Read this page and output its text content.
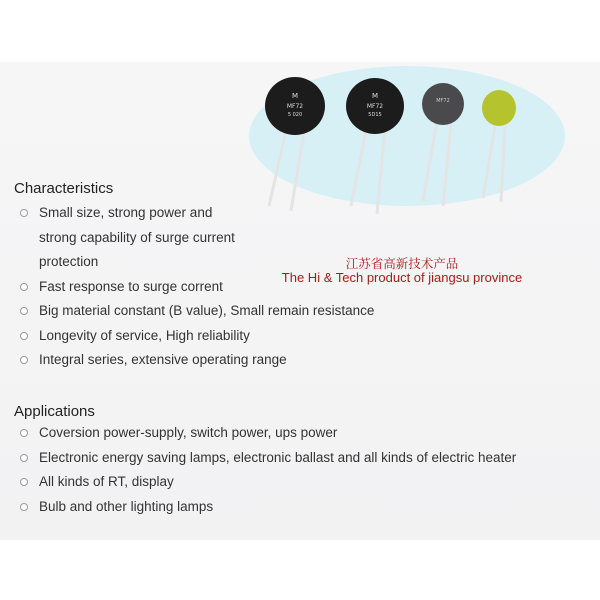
M
MF72
5 020
M
MF72
5D15
MF72
Characteristics
Small size, strong power and
strong capability of surge current
protection
Fast response to surge corrent
Big material constant (B value), Small remain resistance
Longevity of service, High reliability
Integral series, extensive operating range
江苏省高新技术产品
The Hi & Tech product of jiangsu province
Applications
Coversion power-supply, switch power, ups power
Electronic energy saving lamps, electronic ballast and all kinds of electric heater
All kinds of RT, display
Bulb and other lighting lamps
